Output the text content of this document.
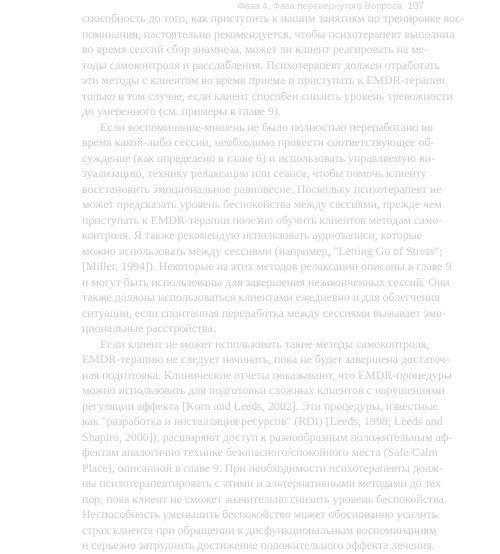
Фаза 4. Фаза перевернутого Вопроса 107
способность до того, как приступить к нашим занятиям по тренировке вос-
поминания, настоятельно рекомендуется, чтобы психотерапевт выполнил
во время сессий сбор анамнеза, может ли клиент реагировать на ме-
тоды самоконтроля и расслабления. Психотерапевт должен отработать
эти методы с клиентом во время приема и приступать к EMDR-терапии
только в том случае, если клиент способен снизить уровень тревожности
до умеренного (см. примеры в главе 9).
Если воспоминание-мишень не было полностью переработано во
время какой-либо сессии, необходимо провести соответствующее об-
суждение (как определено в главе 6) и использовать управляемую ви-
зуализацию, технику релаксации или сеанса, чтобы помочь клиенту
восстановить эмоциональное равновесие. Поскольку психотерапевт не
может предсказать уровень беспокойства между сессиями, прежде чем
приступать к EMDR-терапии полезно обучить клиентов методам само-
контроля. Я также рекомендую использовать аудиозаписи, которые
можно использовать между сессиями (например, "Letting Go of Stress";
[Miller, 1994]). Некоторые из этих методов релаксации описаны в главе 9
и могут быть использованы для завершения незаконченных сессий. Они
также должны использоваться клиентами ежедневно и для облегчения
ситуации, если спонтанная переработка между сессиями вызывает эмо-
циональные расстройства.
Если клиент не может использовать такие методы самоконтроля,
EMDR-терапию не следует начинать, пока не будет завершена достаточ-
ная подготовка. Клинические отчеты показывают, что EMDR-процедуры
можно использовать для подготовки сложных клиентов с нарушениями
регуляции аффекта [Korn and Leeds, 2002]. Эти процедуры, известные
как "разработка и инсталляция ресурсов" (RDI) [Leeds, 1998; Leeds and
Shapiro, 2000]), расширяют доступ к разнообразным положительным аф-
фектам аналогично технике безопасного/спокойного места (Safe/Calm
Place), описанной в главе 9. При необходимости психотерапевты долж-
ны психотерапевтировать с этими и альтернативными методами до тех
пор, пока клиент не сможет значительно снизить уровень беспокойства.
Неспособность уменьшить беспокойство может обоснованно усилить
страх клиента при обращении к дисфункциональным воспоминаниям
и серьезно затруднить достижение положительного эффекта лечения.
